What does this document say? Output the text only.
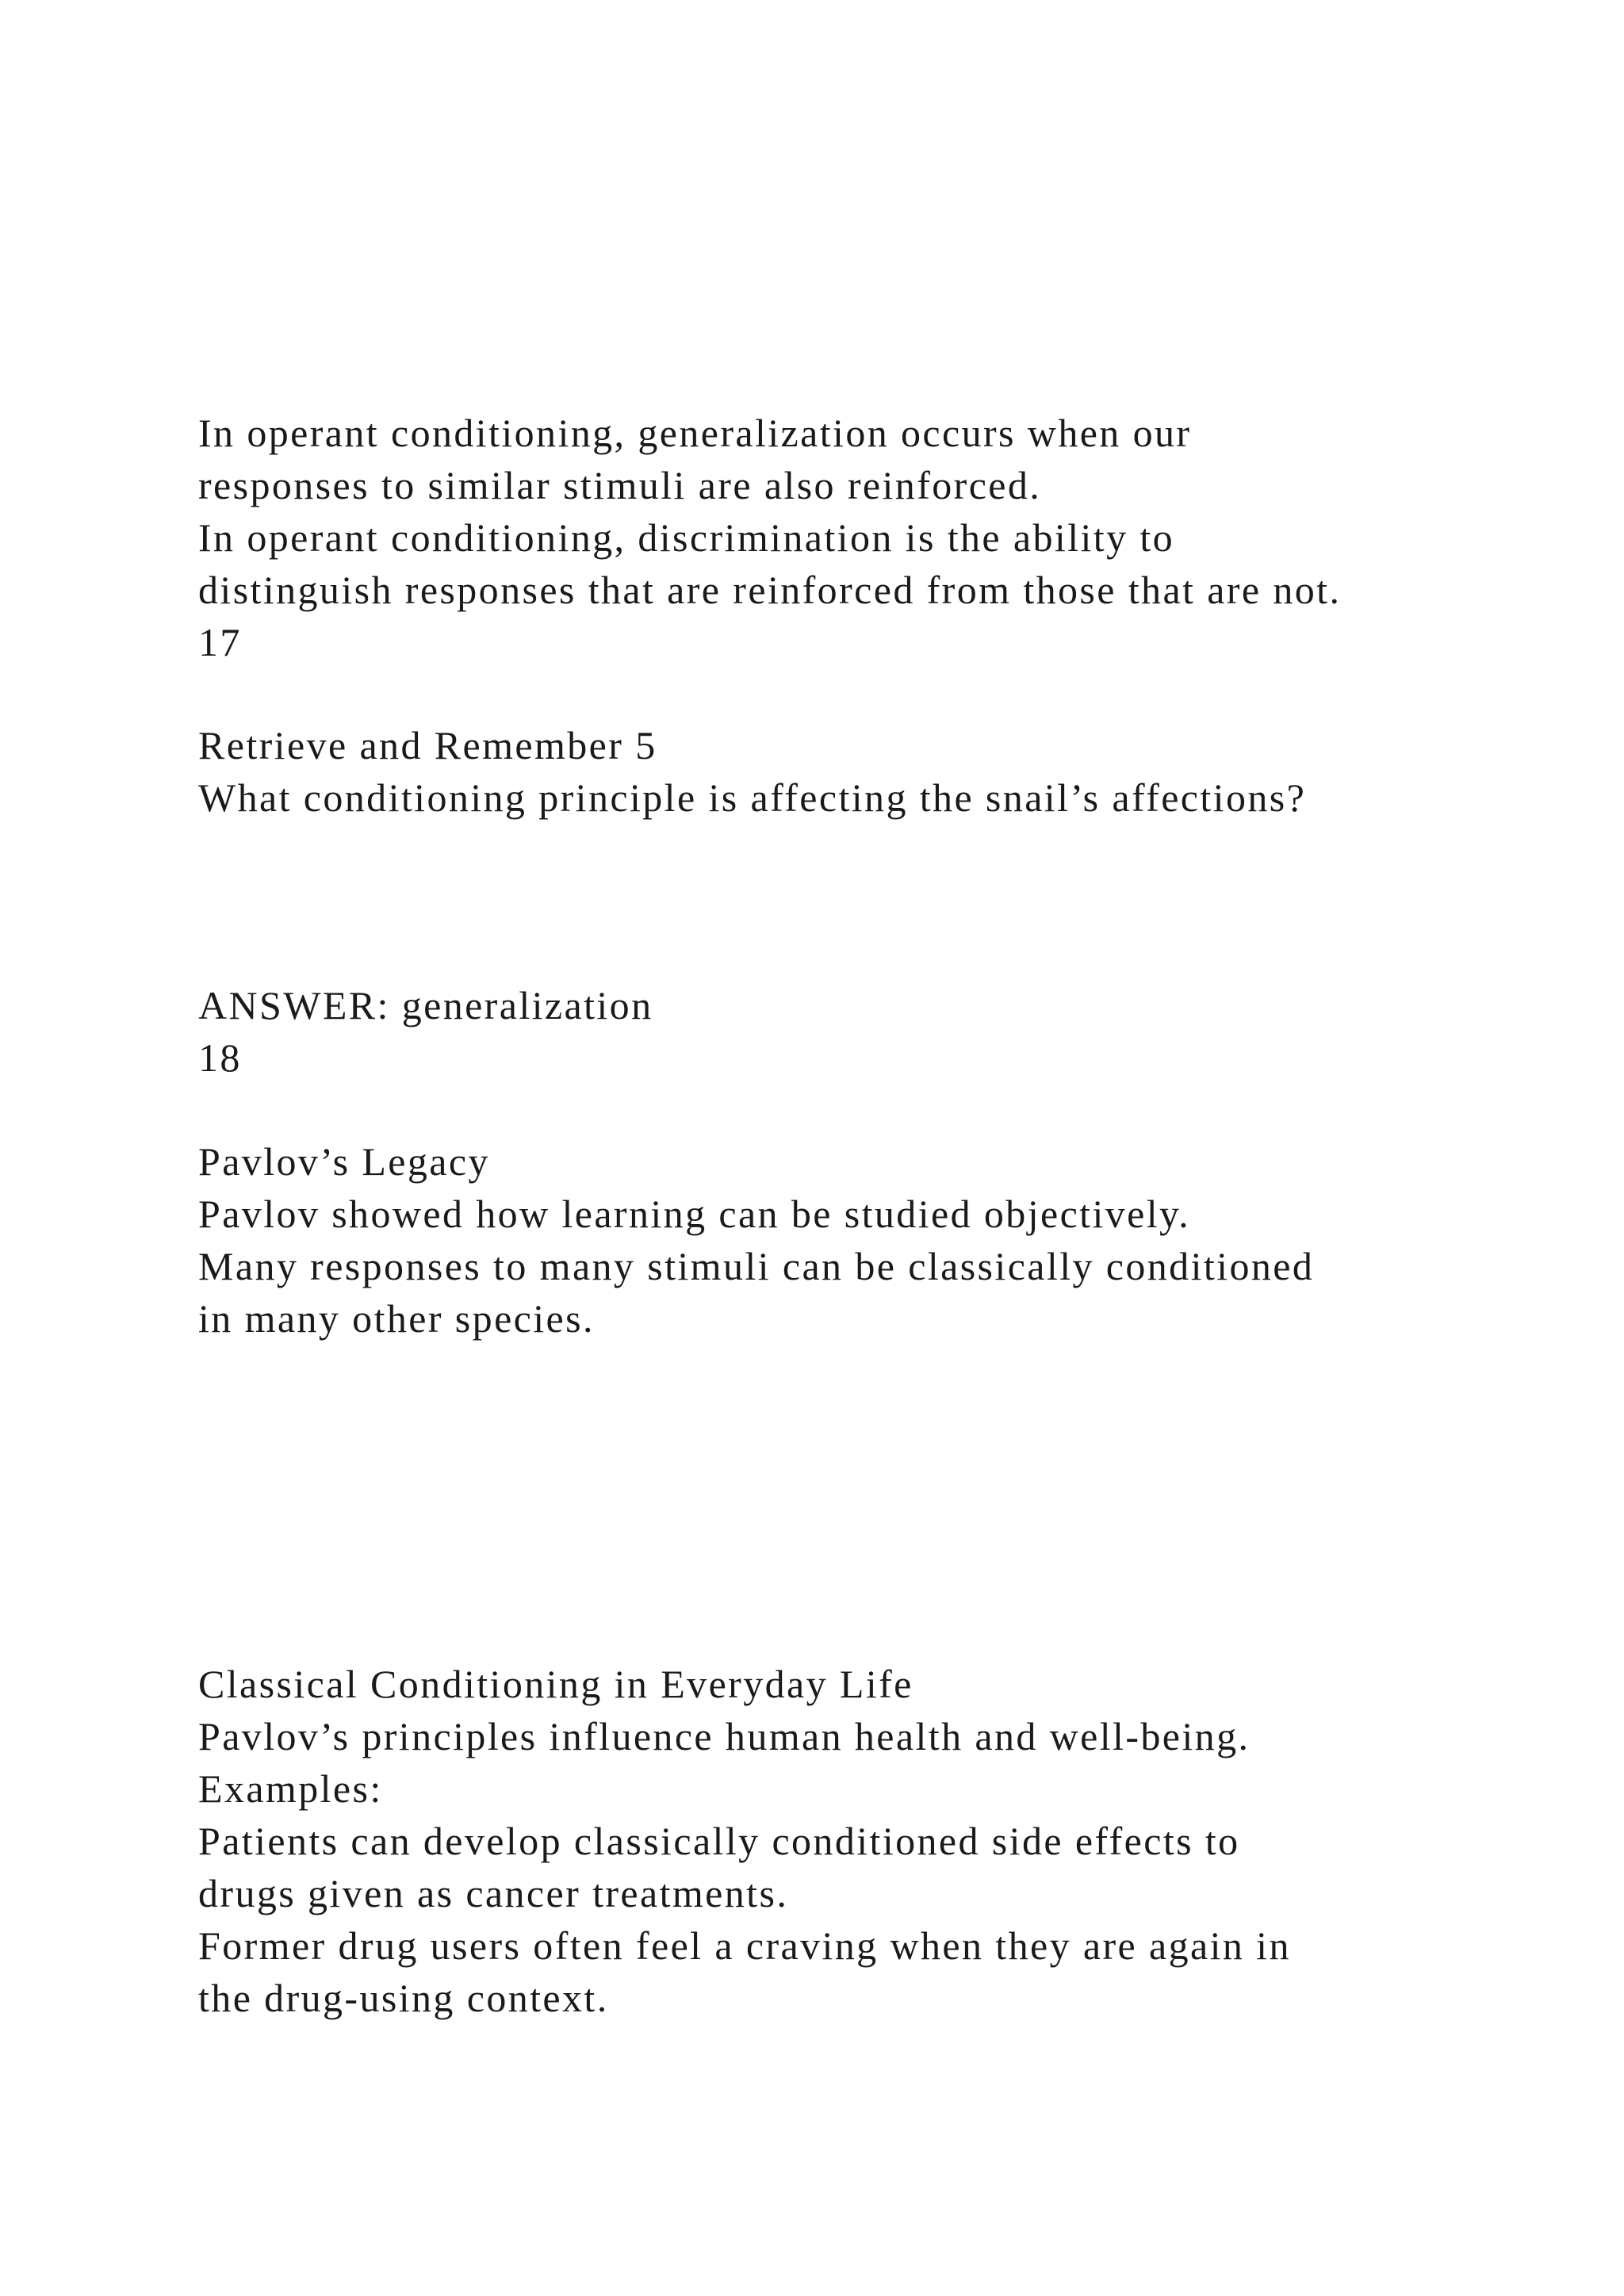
In operant conditioning, generalization occurs when our

responses to similar stimuli are also reinforced.

In operant conditioning, discrimination is the ability to

distinguish responses that are reinforced from those that are not.

17

Retrieve and Remember 5

What conditioning principle is affecting the snail’s affections?

ANSWER: generalization

18

Pavlov’s Legacy

Pavlov showed how learning can be studied objectively.

Many responses to many stimuli can be classically conditioned

in many other species.

Classical Conditioning in Everyday Life

Pavlov’s principles influence human health and well-being.

Examples:

Patients can develop classically conditioned side effects to

drugs given as cancer treatments.

Former drug users often feel a craving when they are again in

the drug-using context.
